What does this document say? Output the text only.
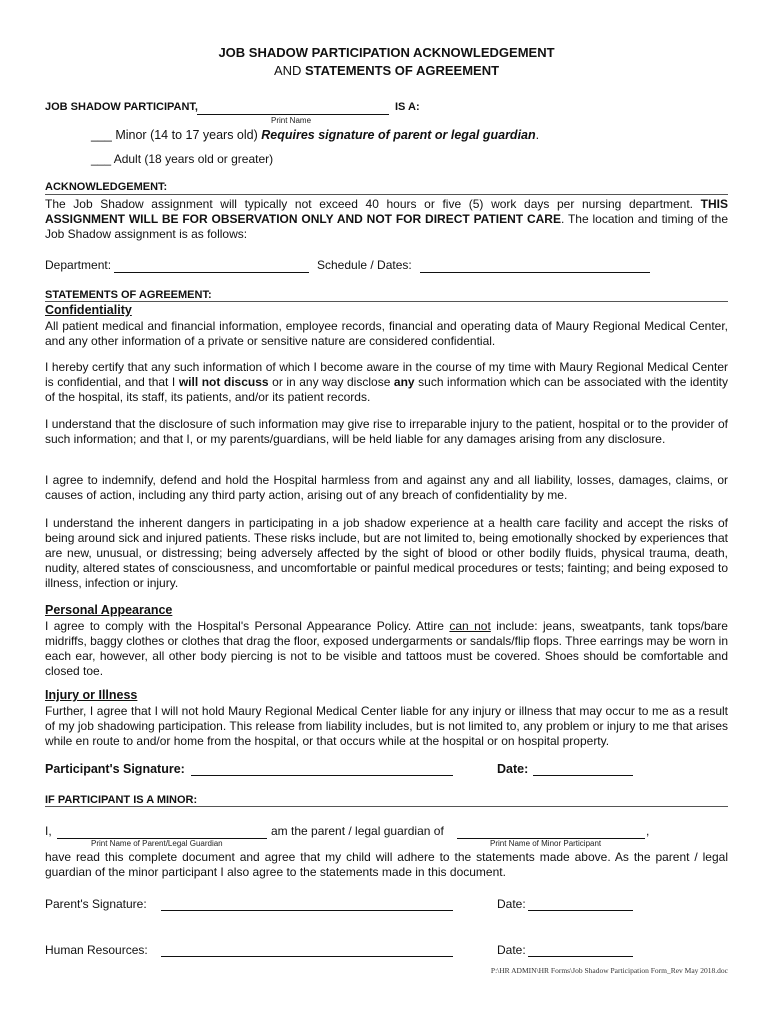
JOB SHADOW PARTICIPATION ACKNOWLEDGEMENT
AND STATEMENTS OF AGREEMENT
JOB SHADOW PARTICIPANT,	IS A:
Print Name
___ Minor (14 to 17 years old) Requires signature of parent or legal guardian.
___ Adult (18 years old or greater)
ACKNOWLEDGEMENT:

The Job Shadow assignment will typically not exceed 40 hours or five (5) work days per nursing department. THIS ASSIGNMENT WILL BE FOR OBSERVATION ONLY AND NOT FOR DIRECT PATIENT CARE. The location and timing of the Job Shadow assignment is as follows:

Department:	Schedule / Dates:
STATEMENTS OF AGREEMENT:
Confidentiality

All patient medical and financial information, employee records, financial and operating data of Maury Regional Medical Center, and any other information of a private or sensitive nature are considered confidential.

I hereby certify that any such information of which I become aware in the course of my time with Maury Regional Medical Center is confidential, and that I will not discuss or in any way disclose any such information which can be associated with the identity of the hospital, its staff, its patients, and/or its patient records.

I understand that the disclosure of such information may give rise to irreparable injury to the patient, hospital or to the provider of such information; and that I, or my parents/guardians, will be held liable for any damages arising from any disclosure.

I agree to indemnify, defend and hold the Hospital harmless from and against any and all liability, losses, damages, claims, or causes of action, including any third party action, arising out of any breach of confidentiality by me.

I understand the inherent dangers in participating in a job shadow experience at a health care facility and accept the risks of being around sick and injured patients. These risks include, but are not limited to, being emotionally shocked by experiences that are new, unusual, or distressing; being adversely affected by the sight of blood or other bodily fluids, physical trauma, death, nudity, altered states of consciousness, and uncomfortable or painful medical procedures or tests; fainting; and being exposed to illness, infection or injury.

Personal Appearance

I agree to comply with the Hospital's Personal Appearance Policy. Attire can not include: jeans, sweatpants, tank tops/bare midriffs, baggy clothes or clothes that drag the floor, exposed undergarments or sandals/flip flops. Three earrings may be worn in each ear, however, all other body piercing is not to be visible and tattoos must be covered. Shoes should be comfortable and closed toe.

Injury or Illness

Further, I agree that I will not hold Maury Regional Medical Center liable for any injury or illness that may occur to me as a result of my job shadowing participation. This release from liability includes, but is not limited to, any problem or injury to me that arises while en route to and/or home from the hospital, or that occurs while at the hospital or on hospital property.

Participant's Signature:	Date:
IF PARTICIPANT IS A MINOR:
I,	am the parent / legal guardian of	,
Print Name of Parent/Legal Guardian	Print Name of Minor Participant

have read this complete document and agree that my child will adhere to the statements made above. As the parent / legal guardian of the minor participant I also agree to the statements made in this document.

Parent's Signature:	Date:
Human Resources:	Date:
P:\HR ADMIN\HR Forms\Job Shadow Participation Form_Rev May 2018.doc
